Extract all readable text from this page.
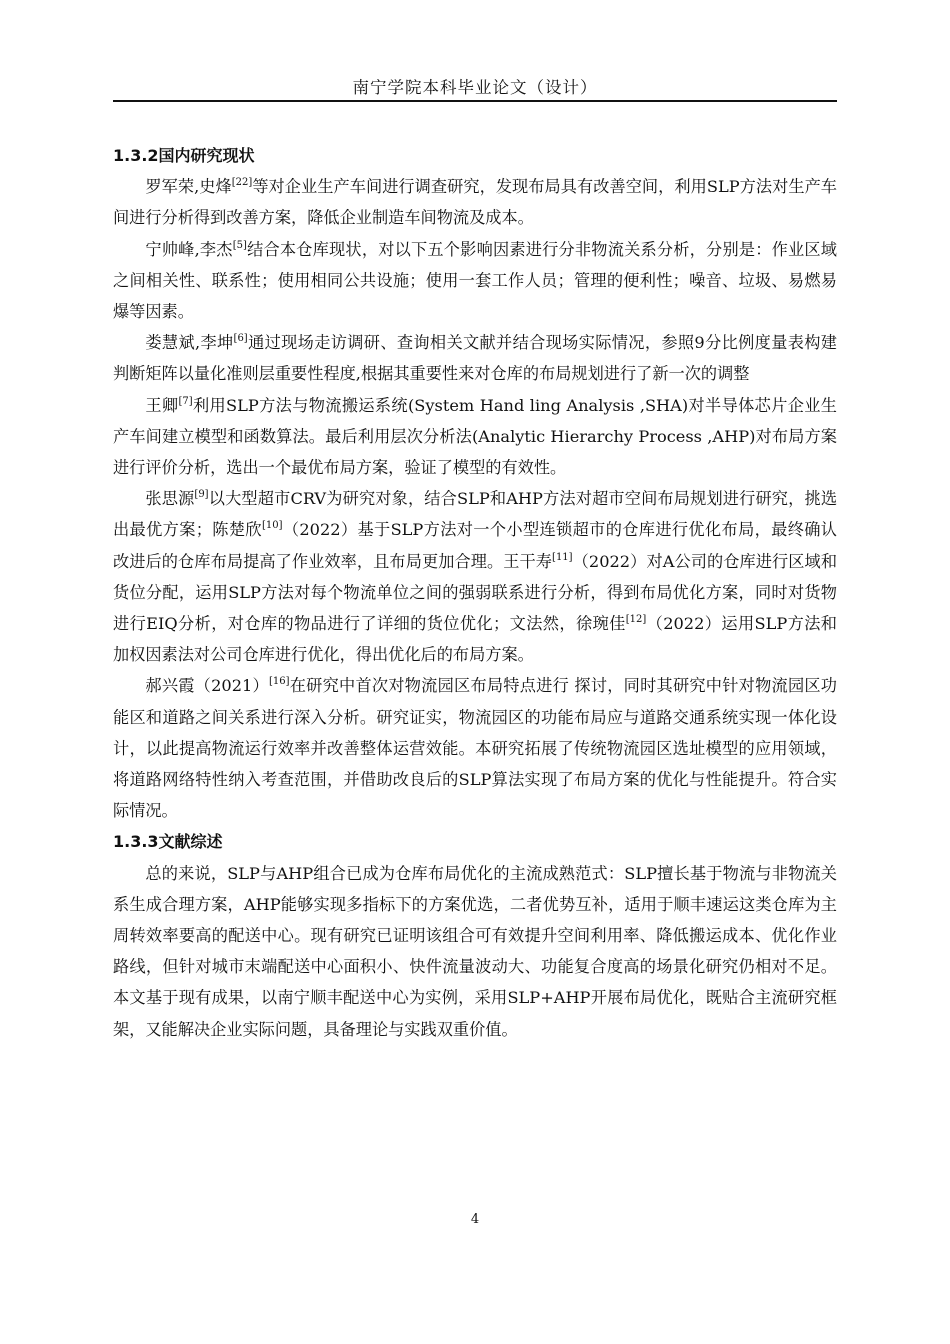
南宁学院本科毕业论文（设计）
1.3.2国内研究现状

罗军荣,史烽[22]等对企业生产车间进行调查研究，发现布局具有改善空间，利用SLP方法对生产车间进行分析得到改善方案，降低企业制造车间物流及成本。

宁帅峰,李杰[5]结合本仓库现状，对以下五个影响因素进行分非物流关系分析，分别是：作业区域之间相关性、联系性；使用相同公共设施；使用一套工作人员；管理的便利性；噪音、垃圾、易燃易爆等因素。

娄慧斌,李坤[6]通过现场走访调研、查询相关文献并结合现场实际情况，参照9分比例度量表构建判断矩阵以量化准则层重要性程度,根据其重要性来对仓库的布局规划进行了新一次的调整

王卿[7]利用SLP方法与物流搬运系统(System Hand ling Analysis ,SHA)对半导体芯片企业生产车间建立模型和函数算法。最后利用层次分析法(Analytic Hierarchy Process ,AHP)对布局方案进行评价分析，选出一个最优布局方案，验证了模型的有效性。

张思源[9]以大型超市CRV为研究对象，结合SLP和AHP方法对超市空间布局规划进行研究，挑选出最优方案；陈楚欣[10]（2022）基于SLP方法对一个小型连锁超市的仓库进行优化布局，最终确认改进后的仓库布局提高了作业效率，且布局更加合理。王干寿[11]（2022）对A公司的仓库进行区域和货位分配，运用SLP方法对每个物流单位之间的强弱联系进行分析，得到布局优化方案，同时对货物进行EIQ分析，对仓库的物品进行了详细的货位优化；文法然，徐琬佳[12]（2022）运用SLP方法和加权因素法对公司仓库进行优化，得出优化后的布局方案。

郝兴霞（2021）[16]在研究中首次对物流园区布局特点进行 探讨，同时其研究中针对物流园区功能区和道路之间关系进行深入分析。研究证实，物流园区的功能布局应与道路交通系统实现一体化设计，以此提高物流运行效率并改善整体运营效能。本研究拓展了传统物流园区选址模型的应用领域，将道路网络特性纳入考查范围，并借助改良后的SLP算法实现了布局方案的优化与性能提升。符合实际情况。

1.3.3文献综述

总的来说，SLP与AHP组合已成为仓库布局优化的主流成熟范式：SLP擅长基于物流与非物流关系生成合理方案，AHP能够实现多指标下的方案优选，二者优势互补，适用于顺丰速运这类仓库为主周转效率要高的配送中心。现有研究已证明该组合可有效提升空间利用率、降低搬运成本、优化作业路线，但针对城市末端配送中心面积小、快件流量波动大、功能复合度高的场景化研究仍相对不足。本文基于现有成果，以南宁顺丰配送中心为实例，采用SLP+AHP开展布局优化，既贴合主流研究框架，又能解决企业实际问题，具备理论与实践双重价值。

4
